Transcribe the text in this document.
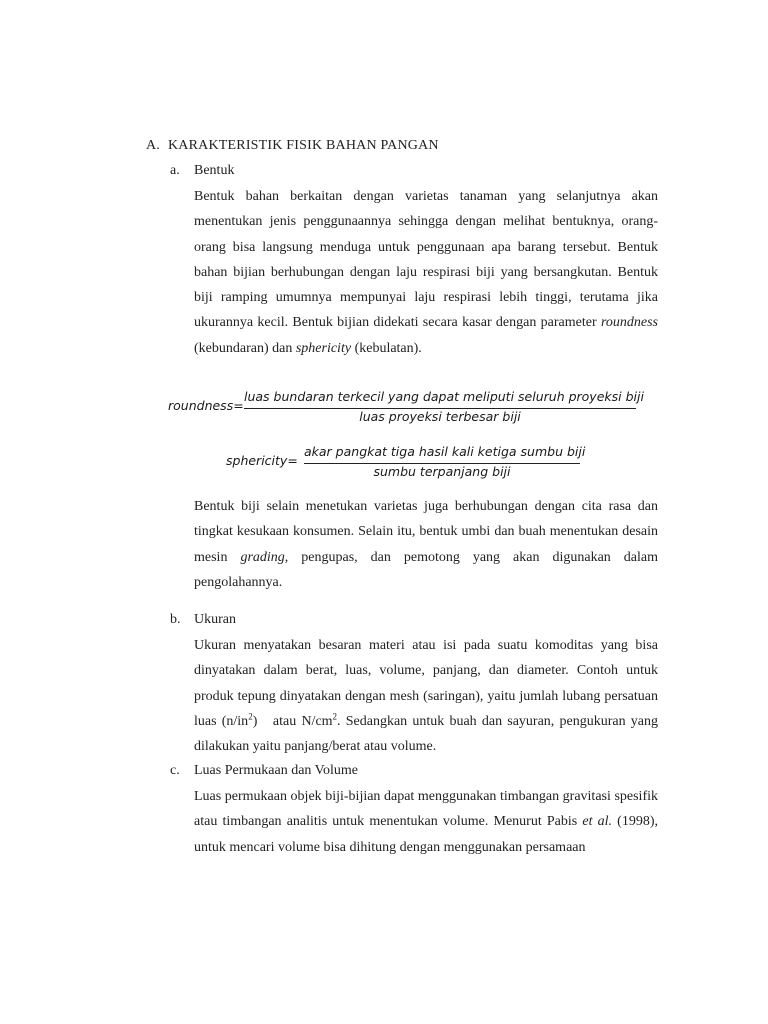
A. KARAKTERISTIK FISIK BAHAN PANGAN
a. Bentuk
Bentuk bahan berkaitan dengan varietas tanaman yang selanjutnya akan menentukan jenis penggunaannya sehingga dengan melihat bentuknya, orang-orang bisa langsung menduga untuk penggunaan apa barang tersebut. Bentuk bahan bijian berhubungan dengan laju respirasi biji yang bersangkutan. Bentuk biji ramping umumnya mempunyai laju respirasi lebih tinggi, terutama jika ukurannya kecil. Bentuk bijian didekati secara kasar dengan parameter roundness (kebundaran) dan sphericity (kebulatan).
roundness=
luas bundaran terkecil yang dapat meliputi seluruh proyeksi biji
luas proyeksi terbesar biji
sphericity=
akar pangkat tiga hasil kali ketiga sumbu biji
sumbu terpanjang biji
Bentuk biji selain menetukan varietas juga berhubungan dengan cita rasa dan tingkat kesukaan konsumen. Selain itu, bentuk umbi dan buah menentukan desain mesin grading, pengupas, dan pemotong yang akan digunakan dalam pengolahannya.
b. Ukuran
Ukuran menyatakan besaran materi atau isi pada suatu komoditas yang bisa dinyatakan dalam berat, luas, volume, panjang, dan diameter. Contoh untuk produk tepung dinyatakan dengan mesh (saringan), yaitu jumlah lubang persatuan luas $(n/in^2)$   atau $N/cm^2$. Sedangkan untuk buah dan sayuran, pengukuran yang dilakukan yaitu panjang/berat atau volume.
c. Luas Permukaan dan Volume
Luas permukaan objek biji-bijian dapat menggunakan timbangan gravitasi spesifik atau timbangan analitis untuk menentukan volume. Menurut Pabis et al. (1998), untuk mencari volume bisa dihitung dengan menggunakan persamaan
